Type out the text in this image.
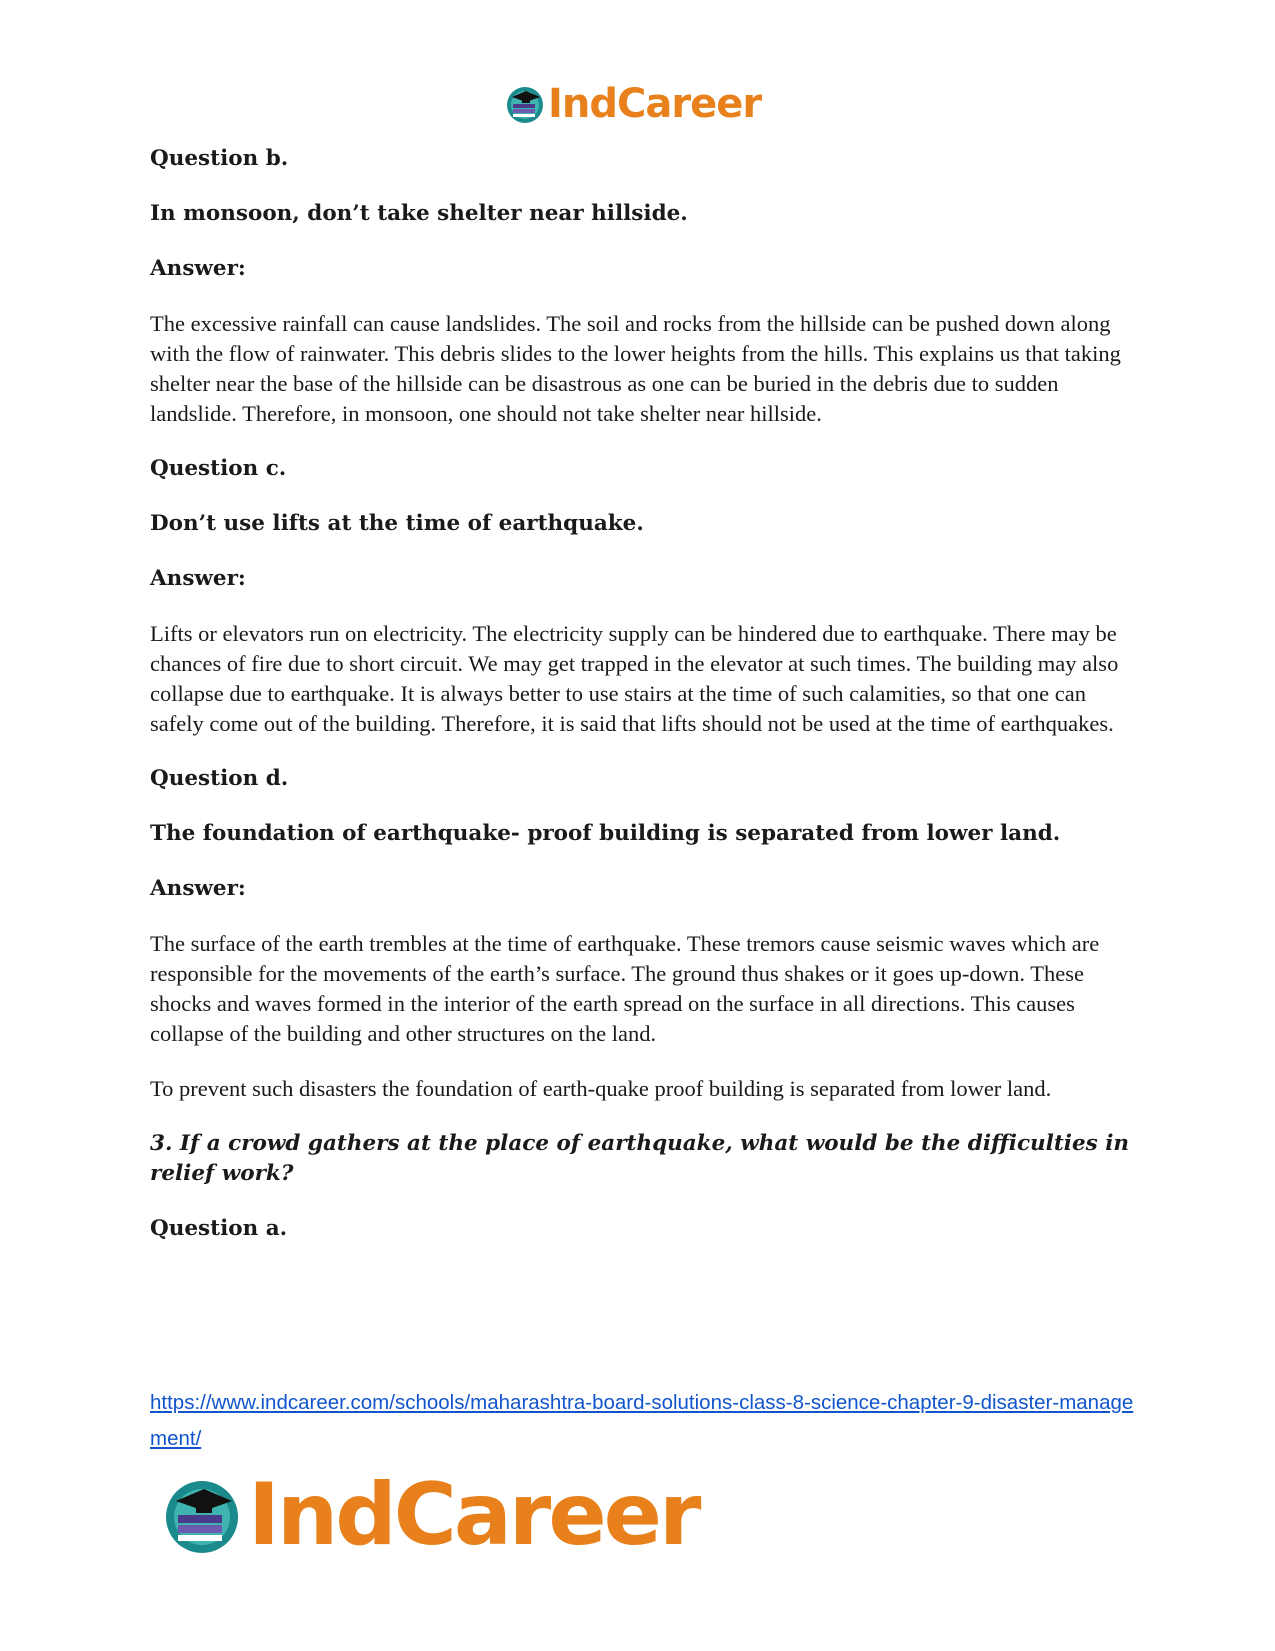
IndCareer

Question b.

In monsoon, don’t take shelter near hillside.

Answer:

The excessive rainfall can cause landslides. The soil and rocks from the hillside can be pushed down along with the flow of rainwater. This debris slides to the lower heights from the hills. This explains us that taking shelter near the base of the hillside can be disastrous as one can be buried in the debris due to sudden landslide. Therefore, in monsoon, one should not take shelter near hillside.

Question c.

Don’t use lifts at the time of earthquake.

Answer:

Lifts or elevators run on electricity. The electricity supply can be hindered due to earthquake. There may be chances of fire due to short circuit. We may get trapped in the elevator at such times. The building may also collapse due to earthquake. It is always better to use stairs at the time of such calamities, so that one can safely come out of the building. Therefore, it is said that lifts should not be used at the time of earthquakes.

Question d.

The foundation of earthquake- proof building is separated from lower land.

Answer:

The surface of the earth trembles at the time of earthquake. These tremors cause seismic waves which are responsible for the movements of the earth’s surface. The ground thus shakes or it goes up-down. These shocks and waves formed in the interior of the earth spread on the surface in all directions. This causes collapse of the building and other structures on the land.

To prevent such disasters the foundation of earth-quake proof building is separated from lower land.

3. If a crowd gathers at the place of earthquake, what would be the difficulties in relief work?

Question a.

https://www.indcareer.com/schools/maharashtra-board-solutions-class-8-science-chapter-9-disaster-management/
IndCareer
